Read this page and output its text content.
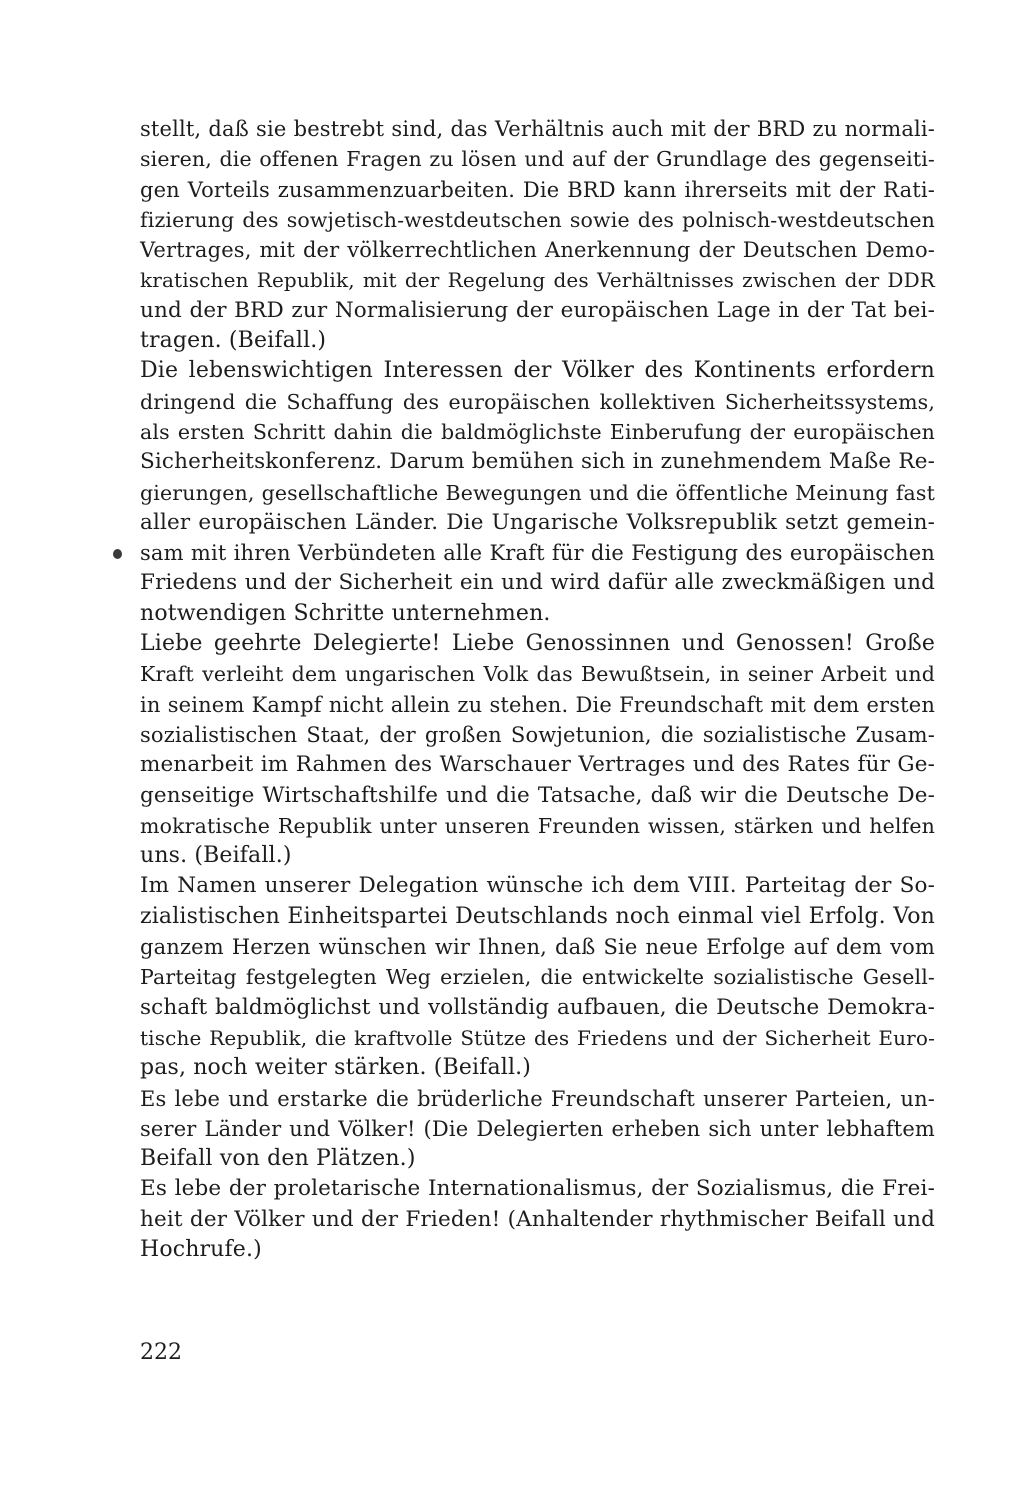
stellt, daß sie bestrebt sind, das Verhältnis auch mit der BRD zu normali-
sieren, die offenen Fragen zu lösen und auf der Grundlage des gegenseiti-
gen Vorteils zusammenzuarbeiten. Die BRD kann ihrerseits mit der Rati-
fizierung des sowjetisch-westdeutschen sowie des polnisch-westdeutschen
Vertrages, mit der völkerrechtlichen Anerkennung der Deutschen Demo-
kratischen Republik, mit der Regelung des Verhältnisses zwischen der DDR
und der BRD zur Normalisierung der europäischen Lage in der Tat bei-
tragen. (Beifall.)
Die lebenswichtigen Interessen der Völker des Kontinents erfordern
dringend die Schaffung des europäischen kollektiven Sicherheitssystems,
als ersten Schritt dahin die baldmöglichste Einberufung der europäischen
Sicherheitskonferenz. Darum bemühen sich in zunehmendem Maße Re-
gierungen, gesellschaftliche Bewegungen und die öffentliche Meinung fast
aller europäischen Länder. Die Ungarische Volksrepublik setzt gemein-
sam mit ihren Verbündeten alle Kraft für die Festigung des europäischen
Friedens und der Sicherheit ein und wird dafür alle zweckmäßigen und
notwendigen Schritte unternehmen.
Liebe geehrte Delegierte! Liebe Genossinnen und Genossen! Große
Kraft verleiht dem ungarischen Volk das Bewußtsein, in seiner Arbeit und
in seinem Kampf nicht allein zu stehen. Die Freundschaft mit dem ersten
sozialistischen Staat, der großen Sowjetunion, die sozialistische Zusam-
menarbeit im Rahmen des Warschauer Vertrages und des Rates für Ge-
genseitige Wirtschaftshilfe und die Tatsache, daß wir die Deutsche De-
mokratische Republik unter unseren Freunden wissen, stärken und helfen
uns. (Beifall.)
Im Namen unserer Delegation wünsche ich dem VIII. Parteitag der So-
zialistischen Einheitspartei Deutschlands noch einmal viel Erfolg. Von
ganzem Herzen wünschen wir Ihnen, daß Sie neue Erfolge auf dem vom
Parteitag festgelegten Weg erzielen, die entwickelte sozialistische Gesell-
schaft baldmöglichst und vollständig aufbauen, die Deutsche Demokra-
tische Republik, die kraftvolle Stütze des Friedens und der Sicherheit Euro-
pas, noch weiter stärken. (Beifall.)
Es lebe und erstarke die brüderliche Freundschaft unserer Parteien, un-
serer Länder und Völker! (Die Delegierten erheben sich unter lebhaftem
Beifall von den Plätzen.)
Es lebe der proletarische Internationalismus, der Sozialismus, die Frei-
heit der Völker und der Frieden! (Anhaltender rhythmischer Beifall und
Hochrufe.)
222
